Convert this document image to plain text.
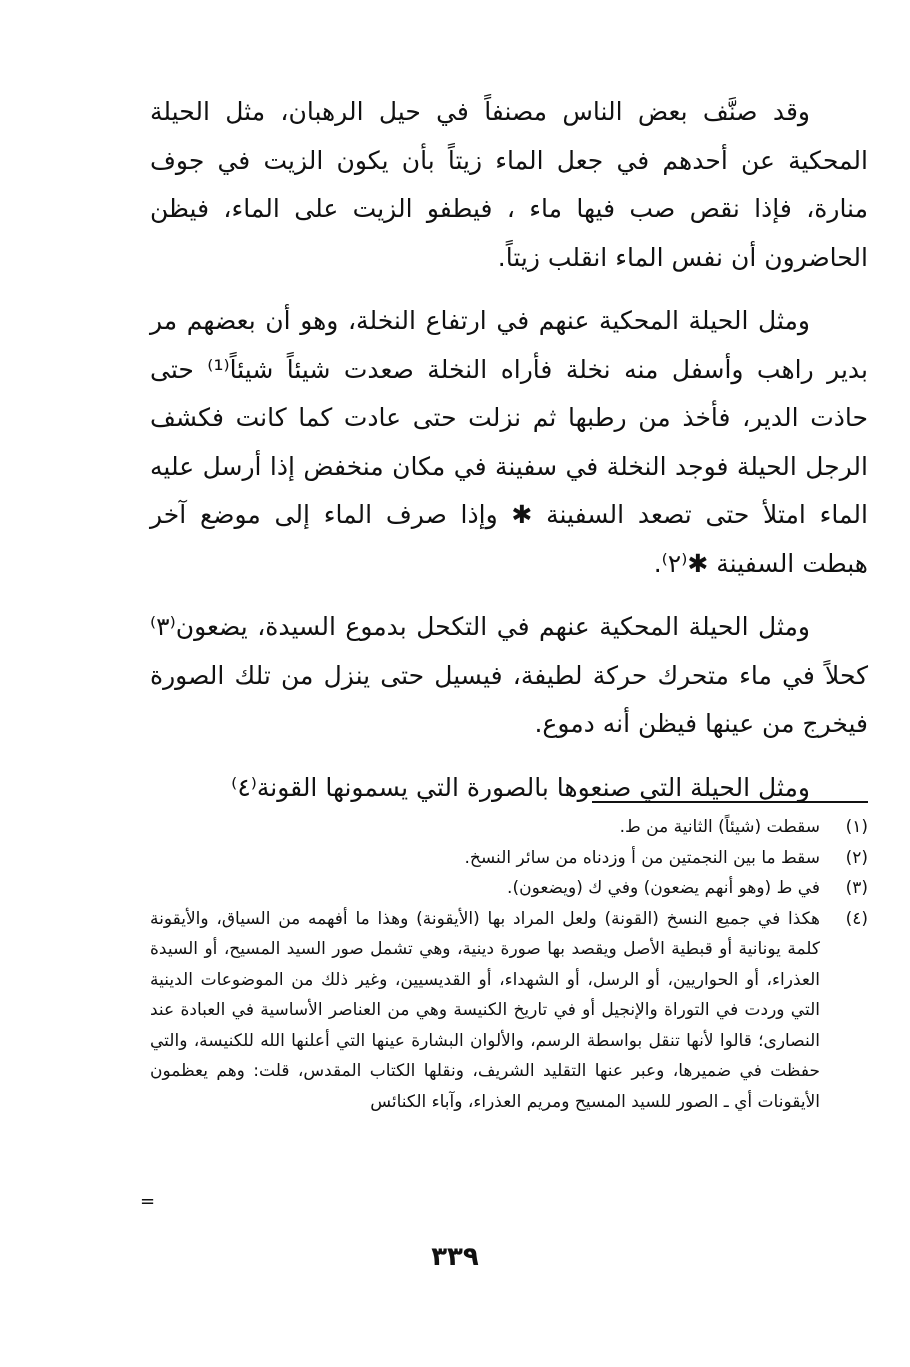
وقد صنَّف بعض الناس مصنفاً في حيل الرهبان، مثل الحيلة المحكية عن أحدهم في جعل الماء زيتاً بأن يكون الزيت في جوف منارة، فإذا نقص صب فيها ماء ، فيطفو الزيت على الماء، فيظن الحاضرون أن نفس الماء انقلب زيتاً.

ومثل الحيلة المحكية عنهم في ارتفاع النخلة، وهو أن بعضهم مر بدير راهب وأسفل منه نخلة فأراه النخلة صعدت شيئاً شيئاً⁽¹⁾ حتى حاذت الدير، فأخذ من رطبها ثم نزلت حتى عادت كما كانت فكشف الرجل الحيلة فوجد النخلة في سفينة في مكان منخفض إذا أرسل عليه الماء امتلأ حتى تصعد السفينة ✱ وإذا صرف الماء إلى موضع آخر هبطت السفينة ✱⁽٢⁾.

ومثل الحيلة المحكية عنهم في التكحل بدموع السيدة، يضعون⁽٣⁾ كحلاً في ماء متحرك حركة لطيفة، فيسيل حتى ينزل من تلك الصورة فيخرج من عينها فيظن أنه دموع.

ومثل الحيلة التي صنعوها بالصورة التي يسمونها القونة⁽٤⁾

(١)
سقطت (شيئاً) الثانية من ط.
(٢)
سقط ما بين النجمتين من أ وزدناه من سائر النسخ.
(٣)
في ط (وهو أنهم يضعون) وفي ك (ويضعون).
(٤)
هكذا في جميع النسخ (القونة) ولعل المراد بها (الأيقونة) وهذا ما أفهمه من السياق، والأيقونة كلمة يونانية أو قبطية الأصل ويقصد بها صورة دينية، وهي تشمل صور السيد المسيح، أو السيدة العذراء، أو الحواريين، أو الرسل، أو الشهداء، أو القديسيين، وغير ذلك من الموضوعات الدينية التي وردت في التوراة والإنجيل أو في تاريخ الكنيسة وهي من العناصر الأساسية في العبادة عند النصارى؛ قالوا لأنها تنقل بواسطة الرسم، والألوان البشارة عينها التي أعلنها الله للكنيسة، والتي حفظت في ضميرها، وعبر عنها التقليد الشريف، ونقلها الكتاب المقدس، قلت: وهم يعظمون الأيقونات أي ـ الصور للسيد المسيح ومريم العذراء، وآباء الكنائس
=
٣٣٩
